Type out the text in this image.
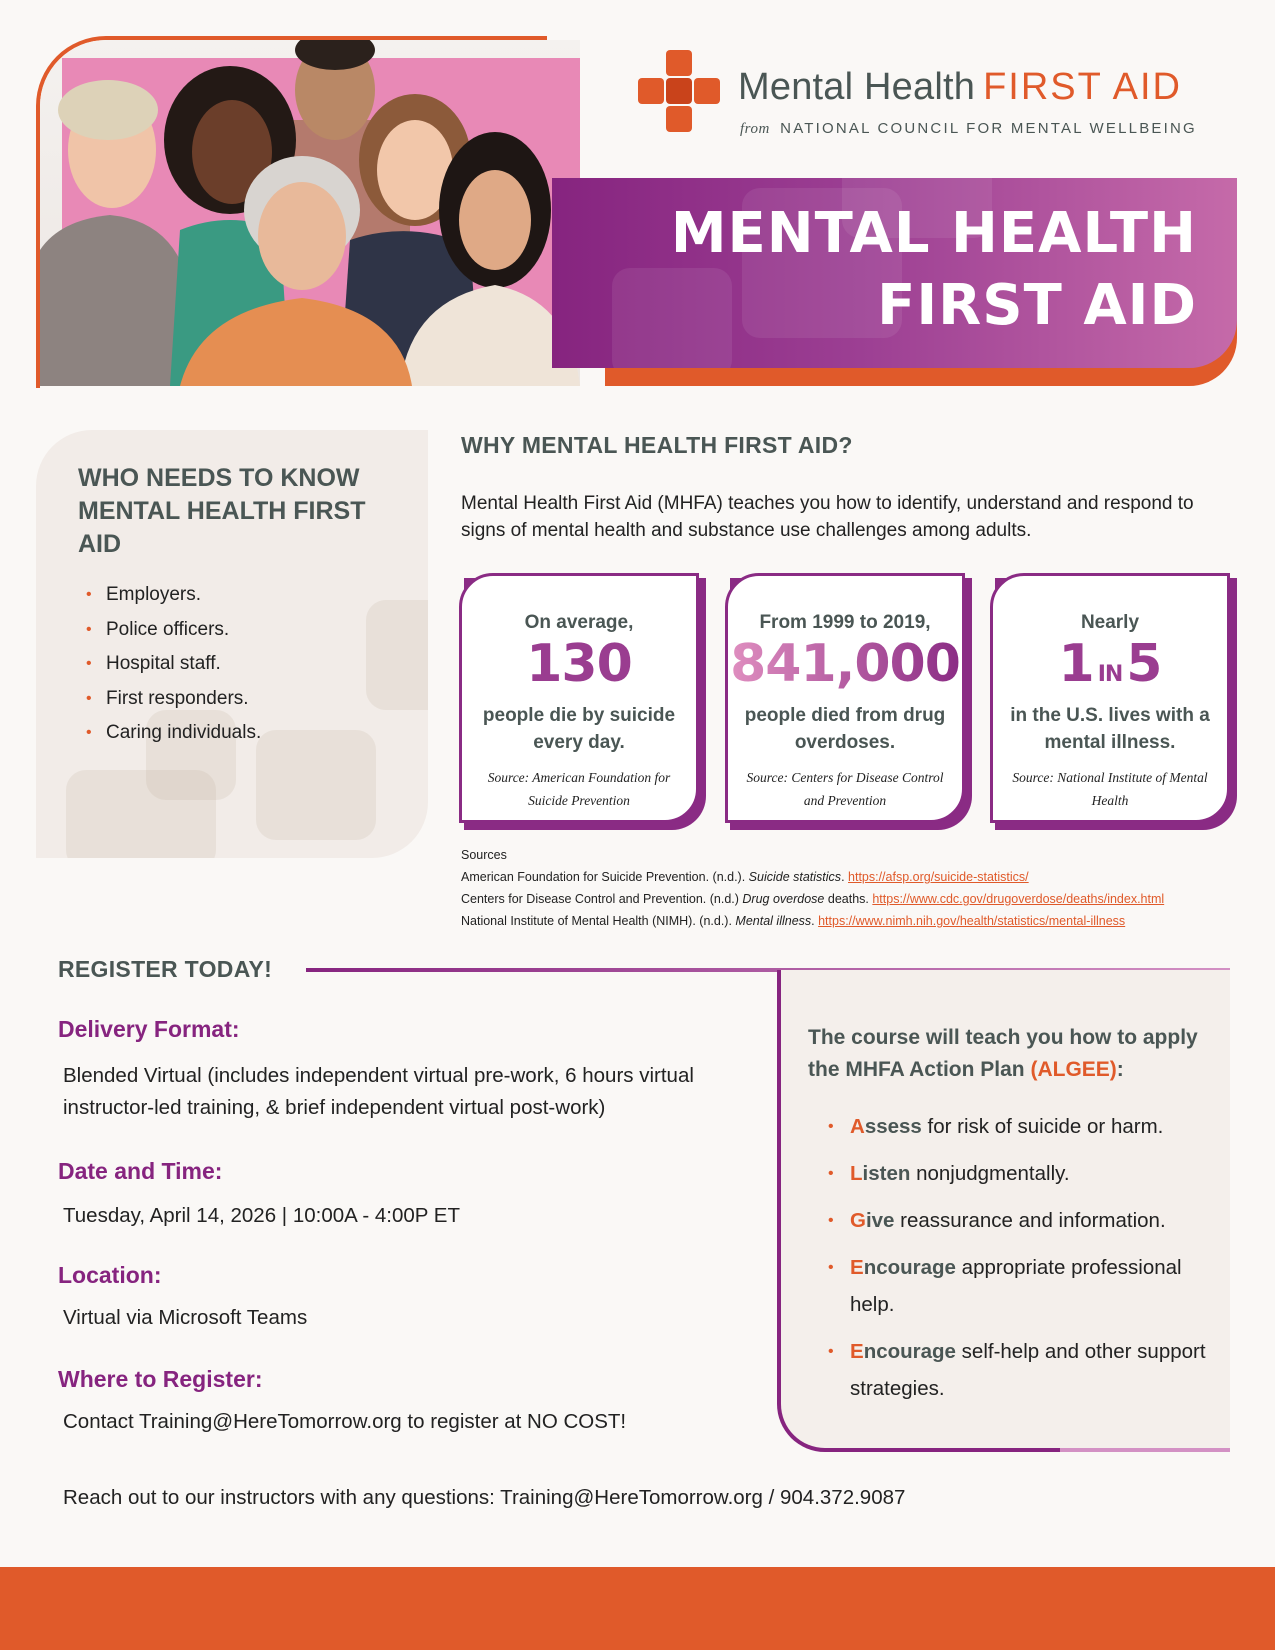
Mental Health FIRST AID
from NATIONAL COUNCIL FOR MENTAL WELLBEING
MENTAL HEALTH
FIRST AID
WHO NEEDS TO KNOW MENTAL HEALTH FIRST AID
• Employers.
• Police officers.
• Hospital staff.
• First responders.
• Caring individuals.
WHY MENTAL HEALTH FIRST AID?
Mental Health First Aid (MHFA) teaches you how to identify, understand and respond to signs of mental health and substance use challenges among adults.
On average,
130
people die by suicide every day.
Source: American Foundation for Suicide Prevention
From 1999 to 2019,
841,000
people died from drug overdoses.
Source: Centers for Disease Control and Prevention
Nearly
1 IN5
in the U.S. lives with a mental illness.
Source: National Institute of Mental Health
Sources
American Foundation for Suicide Prevention. (n.d.). Suicide statistics. https://afsp.org/suicide-statistics/
Centers for Disease Control and Prevention. (n.d.) Drug overdose deaths. https://www.cdc.gov/drugoverdose/deaths/index.html
National Institute of Mental Health (NIMH). (n.d.). Mental illness. https://www.nimh.nih.gov/health/statistics/mental-illness
REGISTER TODAY!
Delivery Format:
Blended Virtual (includes independent virtual pre-work, 6 hours virtual instructor-led training, & brief independent virtual post-work)
Date and Time:
Tuesday, April 14, 2026 | 10:00A - 4:00P ET
Location:
Virtual via Microsoft Teams
Where to Register:
Contact Training@HereTomorrow.org to register at NO COST!
The course will teach you how to apply the MHFA Action Plan (ALGEE):
• Assess for risk of suicide or harm.
• Listen nonjudgmentally.
• Give reassurance and information.
• Encourage appropriate professional help.
• Encourage self-help and other support strategies.
Reach out to our instructors with any questions: Training@HereTomorrow.org / 904.372.9087
